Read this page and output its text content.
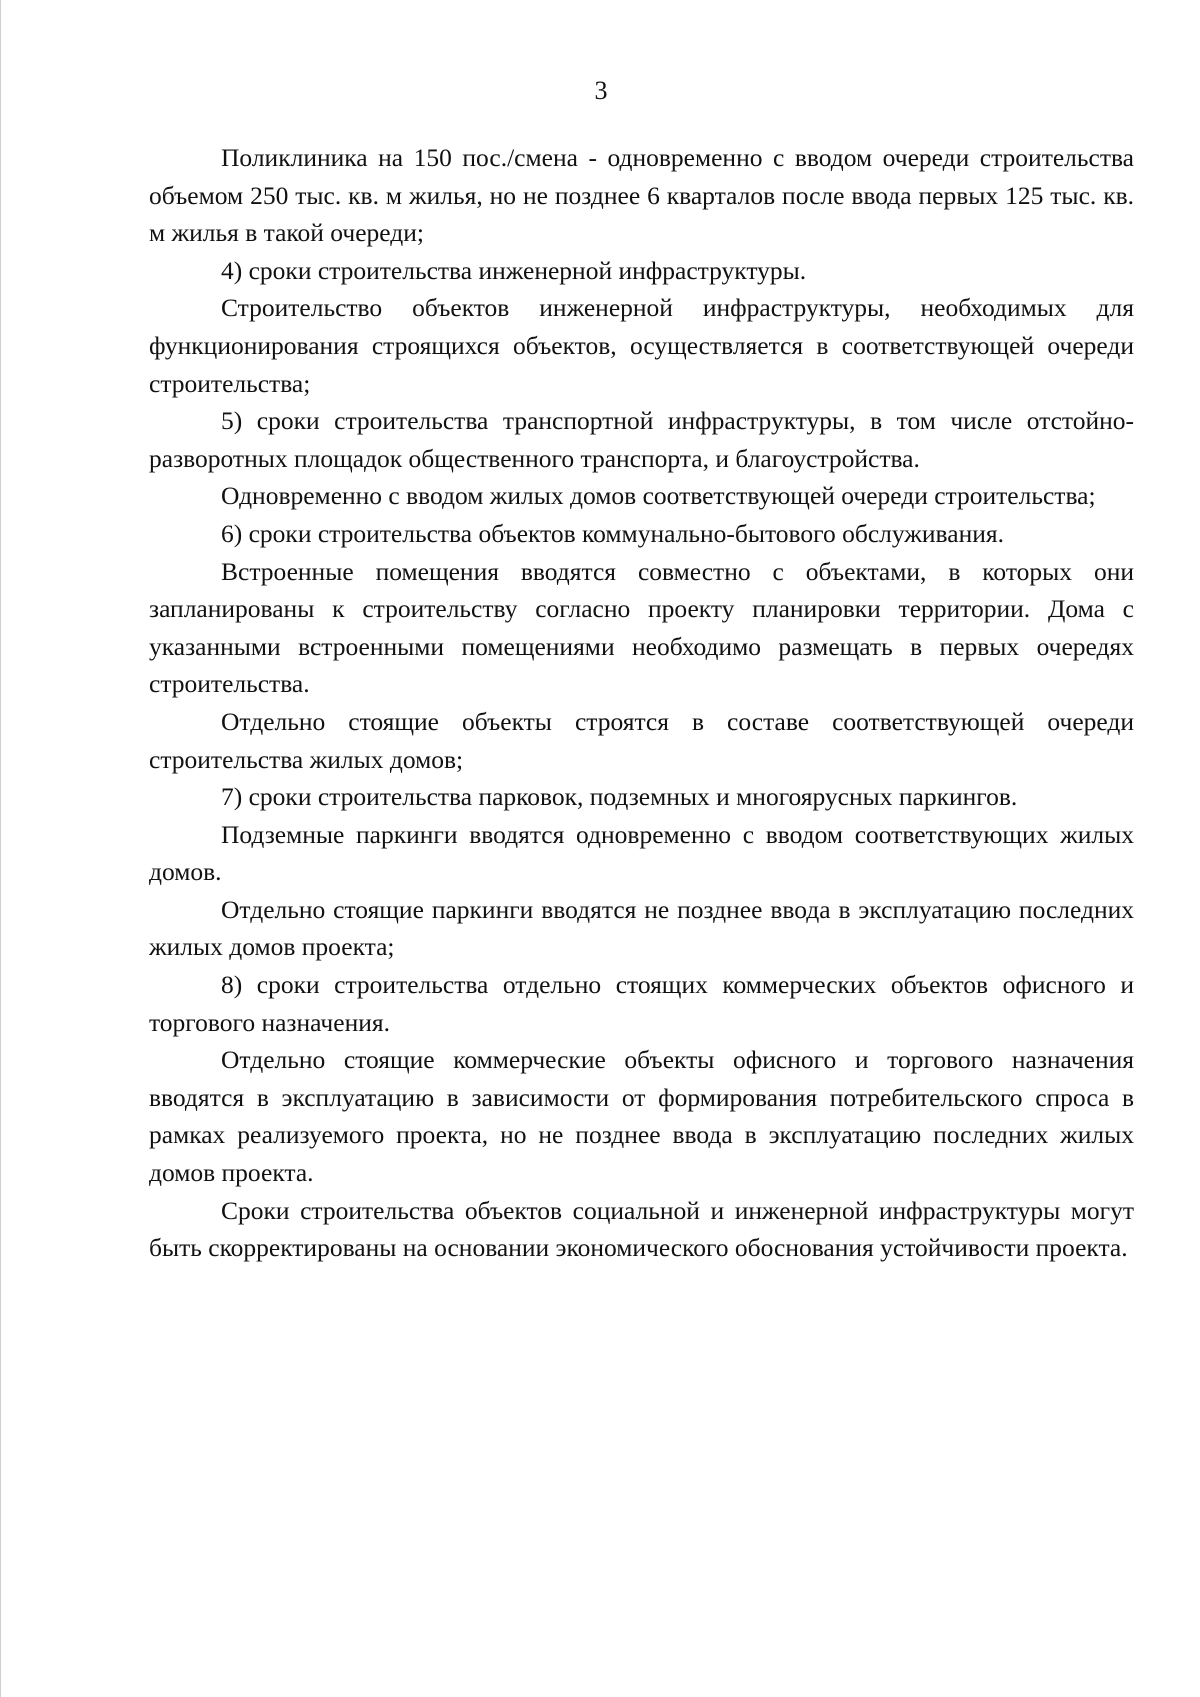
3

Поликлиника на 150 пос./смена - одновременно с вводом очереди строительства объемом 250 тыс. кв. м жилья, но не позднее 6 кварталов после ввода первых 125 тыс. кв. м жилья в такой очереди;

4) сроки строительства инженерной инфраструктуры.

Строительство объектов инженерной инфраструктуры, необходимых для функционирования строящихся объектов, осуществляется в соответствующей очереди строительства;

5) сроки строительства транспортной инфраструктуры, в том числе отстойно-разворотных площадок общественного транспорта, и благоустройства.

Одновременно с вводом жилых домов соответствующей очереди строительства;

6) сроки строительства объектов коммунально-бытового обслуживания.

Встроенные помещения вводятся совместно с объектами, в которых они запланированы к строительству согласно проекту планировки территории. Дома с указанными встроенными помещениями необходимо размещать в первых очередях строительства.

Отдельно стоящие объекты строятся в составе соответствующей очереди строительства жилых домов;

7) сроки строительства парковок, подземных и многоярусных паркингов.

Подземные паркинги вводятся одновременно с вводом соответствующих жилых домов.

Отдельно стоящие паркинги вводятся не позднее ввода в эксплуатацию последних жилых домов проекта;

8) сроки строительства отдельно стоящих коммерческих объектов офисного и торгового назначения.

Отдельно стоящие коммерческие объекты офисного и торгового назначения вводятся в эксплуатацию в зависимости от формирования потребительского спроса в рамках реализуемого проекта, но не позднее ввода в эксплуатацию последних жилых домов проекта.

Сроки строительства объектов социальной и инженерной инфраструктуры могут быть скорректированы на основании экономического обоснования устойчивости проекта.
